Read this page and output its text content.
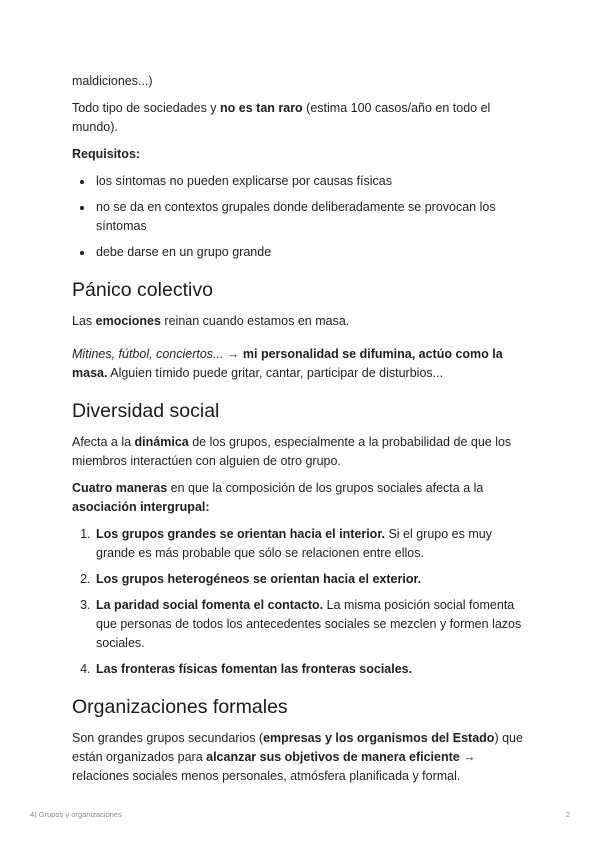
maldiciones...)

Todo tipo de sociedades y no es tan raro (estima 100 casos/año en todo el mundo).

Requisitos:

• los síntomas no pueden explicarse por causas físicas
• no se da en contextos grupales donde deliberadamente se provocan los síntomas
• debe darse en un grupo grande
Pánico colectivo

Las emociones reinan cuando estamos en masa.

Mitines, fútbol, conciertos... → mi personalidad se difumina, actúo como la masa. Alguien tímido puede gritar, cantar, participar de disturbios...

Diversidad social

Afecta a la dinámica de los grupos, especialmente a la probabilidad de que los miembros interactúen con alguien de otro grupo.

Cuatro maneras en que la composición de los grupos sociales afecta a la asociación intergrupal:

1. Los grupos grandes se orientan hacia el interior. Si el grupo es muy grande es más probable que sólo se relacionen entre ellos.
2. Los grupos heterogéneos se orientan hacia el exterior.
3. La paridad social fomenta el contacto. La misma posición social fomenta que personas de todos los antecedentes sociales se mezclen y formen lazos sociales.
4. Las fronteras físicas fomentan las fronteras sociales.
Organizaciones formales

Son grandes grupos secundarios (empresas y los organismos del Estado) que están organizados para alcanzar sus objetivos de manera eficiente → relaciones sociales menos personales, atmósfera planificada y formal.

4) Grupos y organizaciones	2
